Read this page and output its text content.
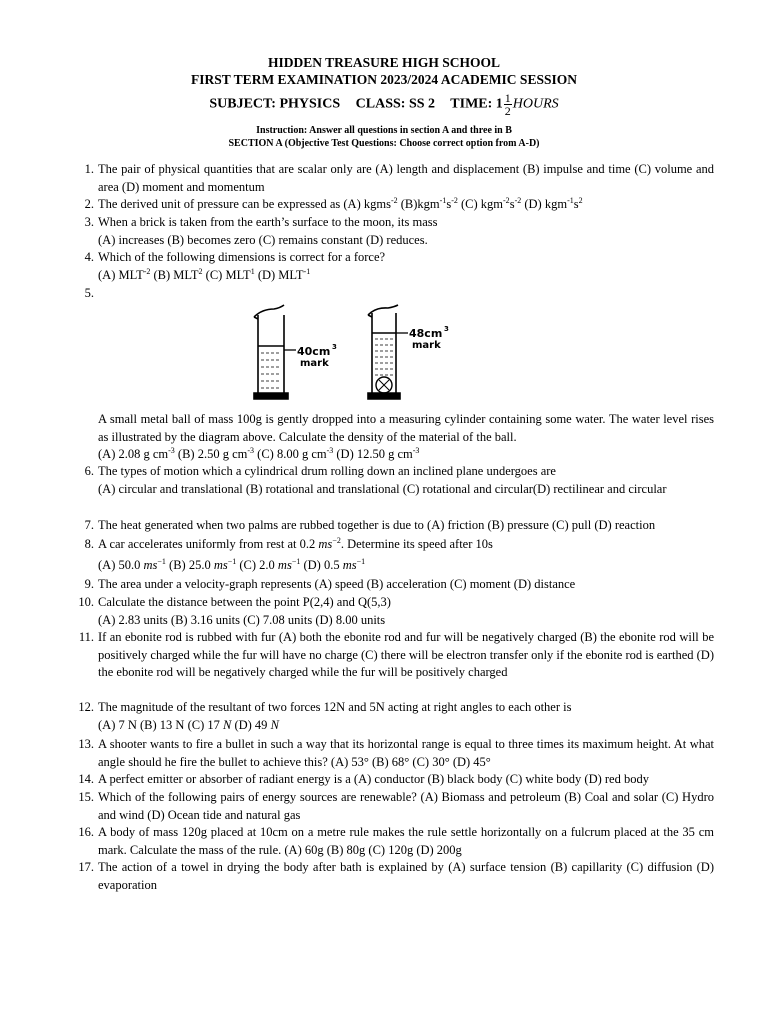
HIDDEN TREASURE HIGH SCHOOL
FIRST TERM EXAMINATION 2023/2024 ACADEMIC SESSION
SUBJECT: PHYSICS CLASS: SS 2 TIME: $1 \frac{1}{2}$ HOURS
Instruction: Answer all questions in section A and three in B
SECTION A (Objective Test Questions: Choose correct option from A-D)
1. The pair of physical quantities that are scalar only are (A) length and displacement (B) impulse and time (C) volume and area (D) moment and momentum
2. The derived unit of pressure can be expressed as (A) kgms$^{-2}$ $(B)kgm^{-1}s^{-2}$ (C) $kgm^{-2}s^{-2}$ (D) $kgm^{-1}s^2$
3. When a brick is taken from the earth’s surface to the moon, its mass
(A) increases (B) becomes zero (C) remains constant (D) reduces.
4. Which of the following dimensions is correct for a force?
(A) $MLT^{-2}$ (B) MLT$^2$ (C) MLT$^1$ (D) $MLT^{-1}$
5.
40cm 3
mark
48cm 3
mark
A small metal ball of mass 100g is gently dropped into a measuring cylinder containing some water. The water level rises as illustrated by the diagram above. Calculate the density of the material of the ball.
(A) 2.08 g $cm^{-3}$ (B) 2.50 g $cm^{-3}$ (C) 8.00 g $cm^{-3}$ (D) 12.50 g $cm^{-3}$
6. The types of motion which a cylindrical drum rolling down an inclined plane undergoes are
(A) circular and translational (B) rotational and translational (C) rotational and circular(D) rectilinear and circular
7. The heat generated when two palms are rubbed together is due to (A) friction (B) pressure (C) pull (D) reaction
8. A car accelerates uniformly from rest at 0.2 $ms^{-2}$. Determine its speed after 10s
(A) 50.0 $ms^{-1}$ (B) 25.0 $ms^{-1}$ (C) 2.0 $ms^{-1}$ (D) 0.5 $ms^{-1}$
9. The area under a velocity-graph represents (A) speed (B) acceleration (C) moment (D) distance
10. Calculate the distance between the point P(2,4) and Q(5,3)
(A) 2.83 units (B) 3.16 units (C) 7.08 units (D) 8.00 units
11. If an ebonite rod is rubbed with fur (A) both the ebonite rod and fur will be negatively charged (B) the ebonite rod will be positively charged while the fur will have no charge (C) there will be electron transfer only if the ebonite rod is earthed (D) the ebonite rod will be negatively charged while the fur will be positively charged
12. The magnitude of the resultant of two forces 12N and 5N acting at right angles to each other is
(A) 7 N (B) 13 N (C) 17 N (D) 49 N
13. A shooter wants to fire a bullet in such a way that its horizontal range is equal to three times its maximum height. At what angle should he fire the bullet to achieve this? (A) 53° (B) 68° (C) 30° (D) 45°
14. A perfect emitter or absorber of radiant energy is a (A) conductor (B) black body (C) white body (D) red body
15. Which of the following pairs of energy sources are renewable? (A) Biomass and petroleum (B) Coal and solar (C) Hydro and wind (D) Ocean tide and natural gas
16. A body of mass 120g placed at 10cm on a metre rule makes the rule settle horizontally on a fulcrum placed at the 35 cm mark. Calculate the mass of the rule. (A) 60g (B) 80g (C) 120g (D) 200g
17. The action of a towel in drying the body after bath is explained by (A) surface tension (B) capillarity (C) diffusion (D) evaporation
